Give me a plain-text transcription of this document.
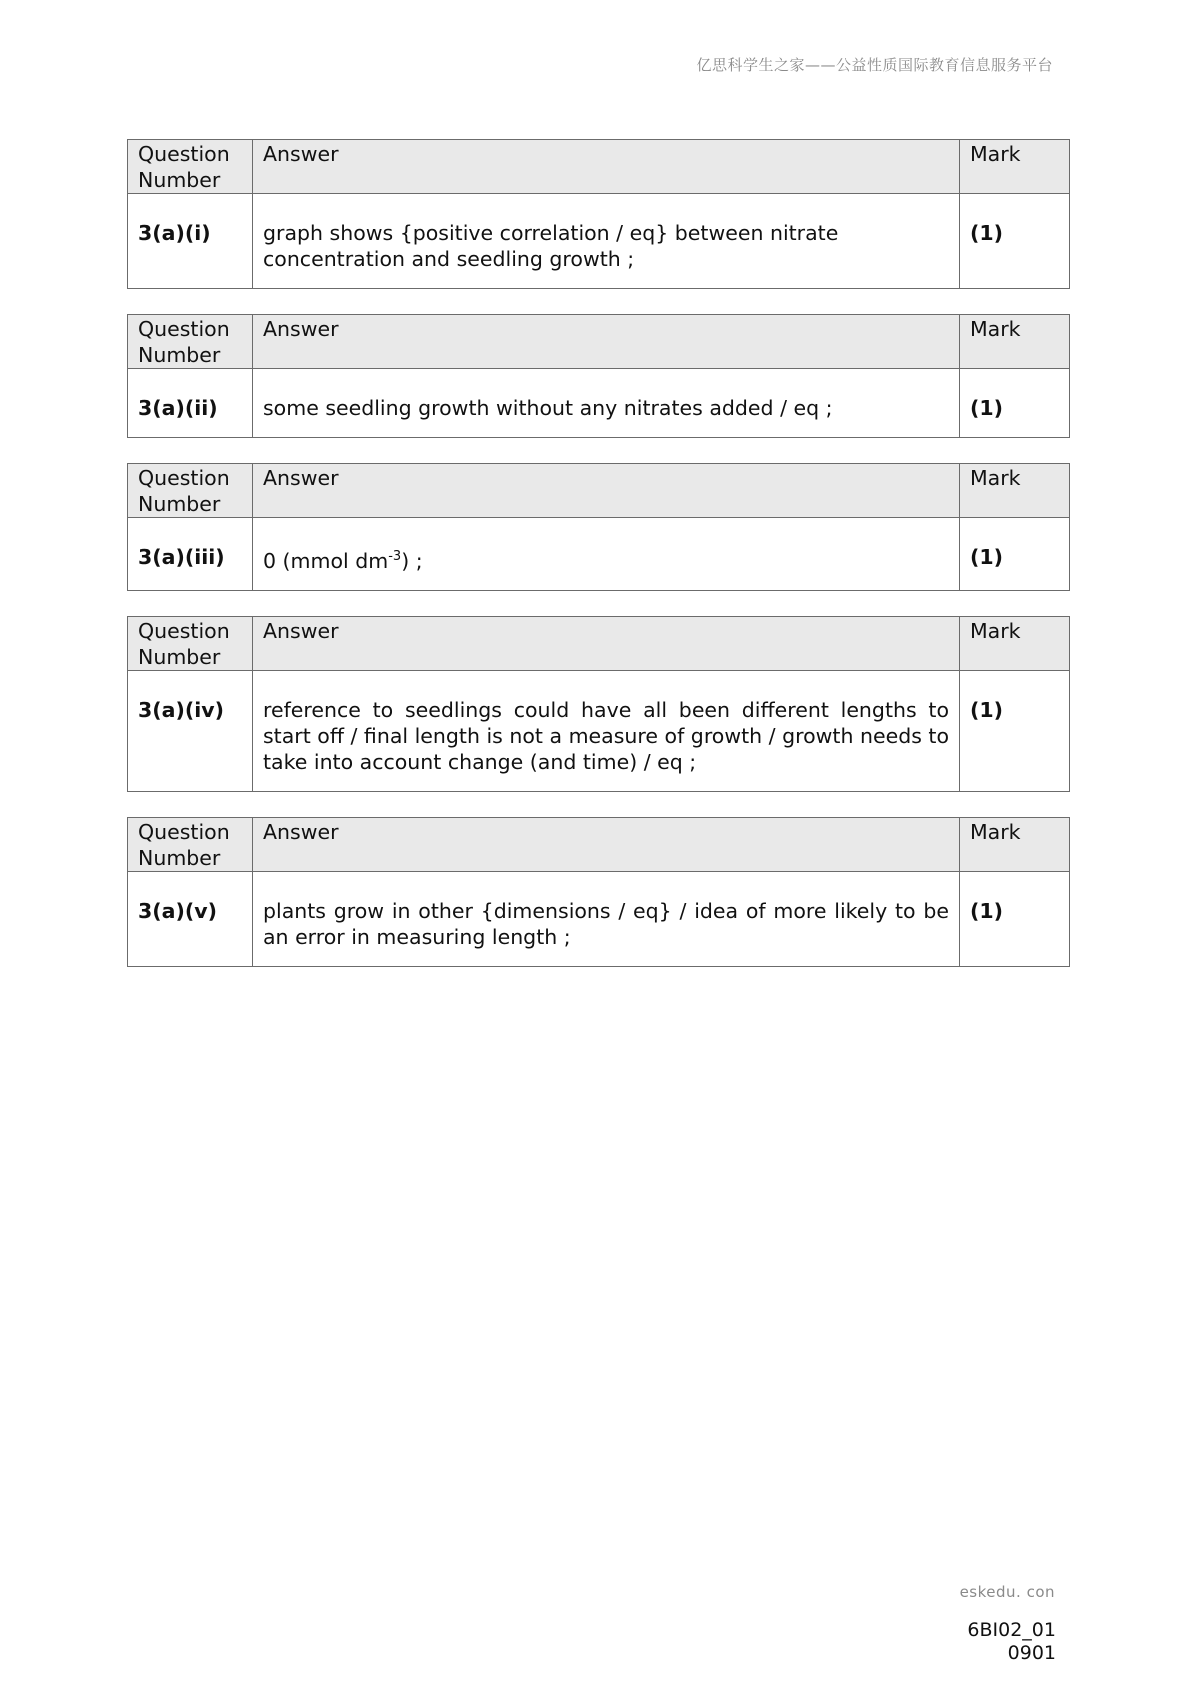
亿思科学生之家——公益性质国际教育信息服务平台
Question Number	Answer	Mark
3(a)(i)	graph shows {positive correlation / eq} between nitrate
concentration and seedling growth ;	(1)
Question Number	Answer	Mark
3(a)(ii)	some seedling growth without any nitrates added / eq ;	(1)
Question Number	Answer	Mark
3(a)(iii)	0 (mmol $dm^{-3}$) ;	(1)
Question Number	Answer	Mark
3(a)(iv)	reference to seedlings could have all been different lengths to start off / final length is not a measure of growth / growth needs to take into account change (and time) / eq ;	(1)
Question Number	Answer	Mark
3(a)(v)	plants grow in other {dimensions / eq} / idea of more likely to be an error in measuring length ;	(1)
eskedu. con
6BI02_01
0901
